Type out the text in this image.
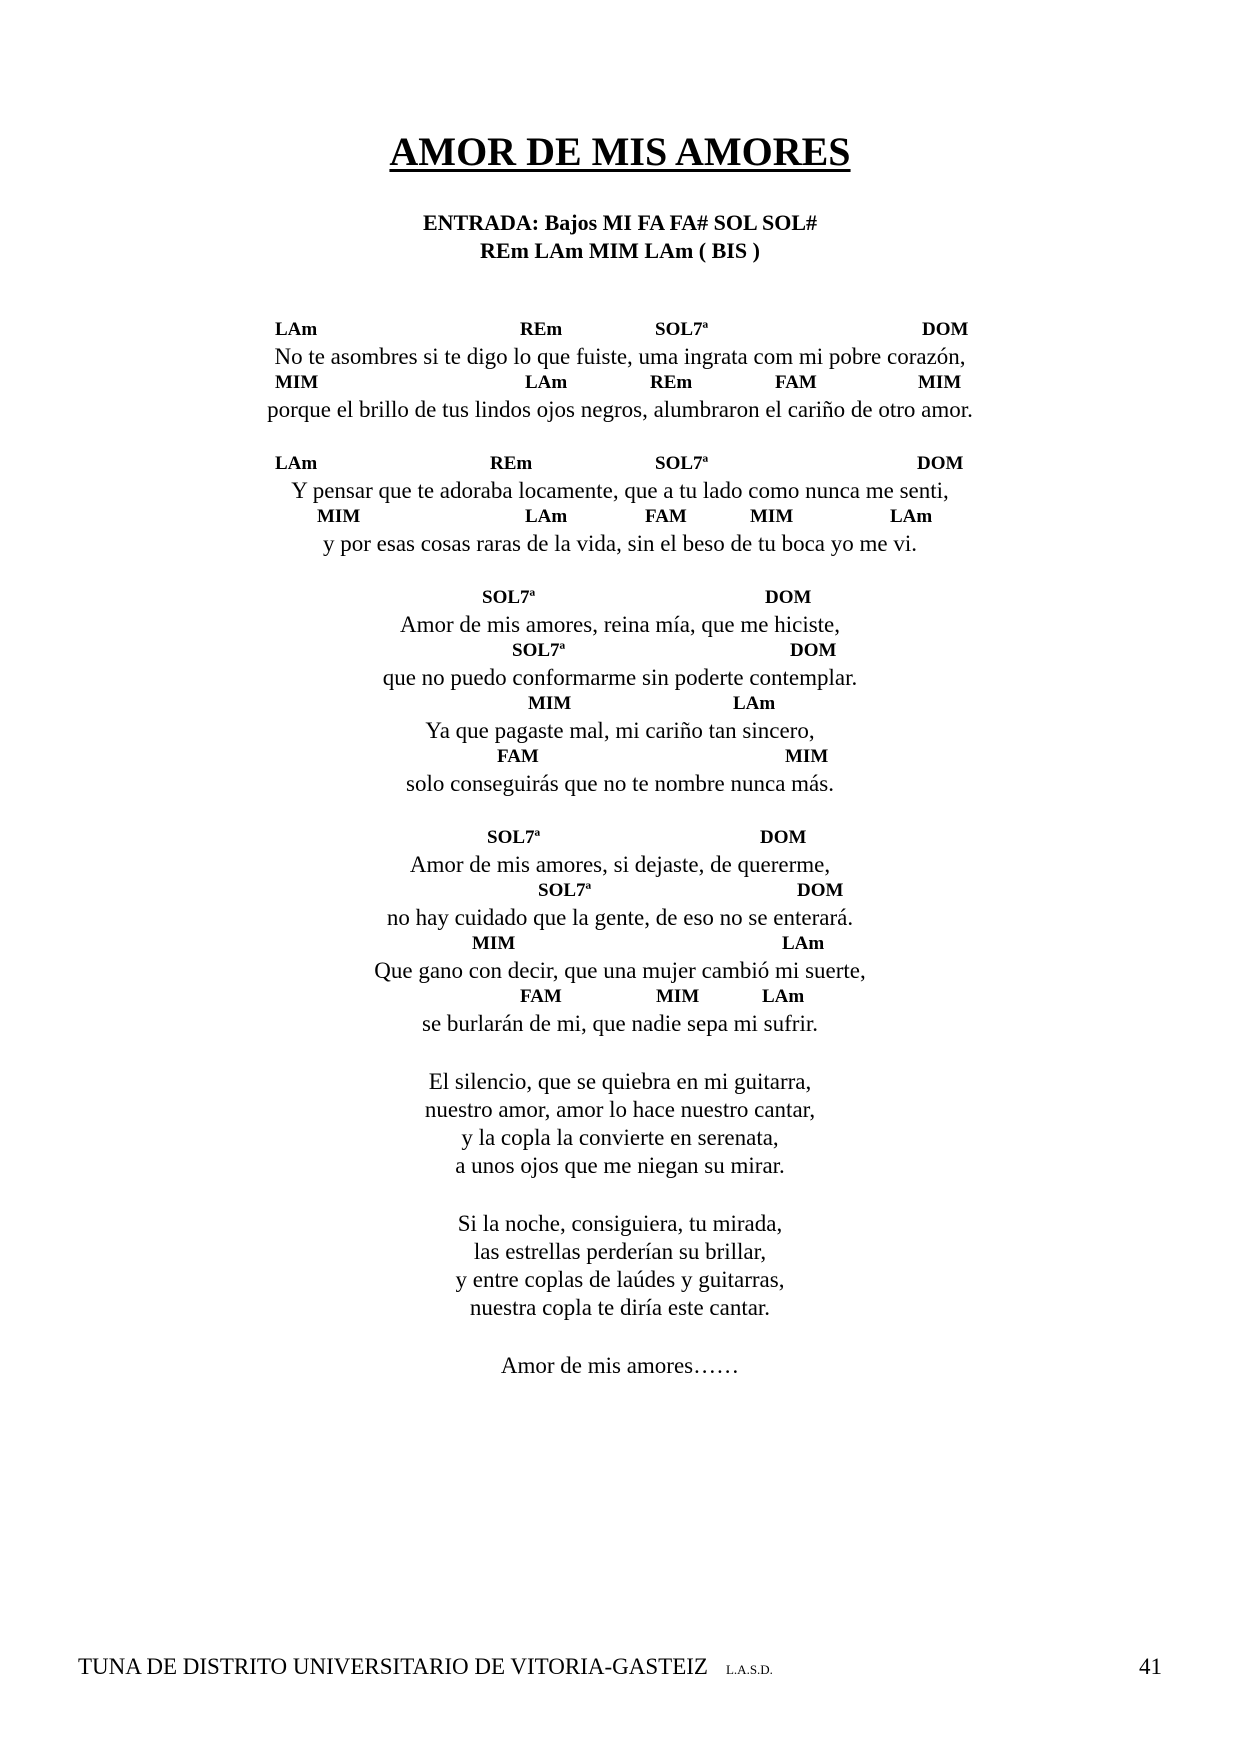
AMOR DE MIS AMORES
ENTRADA: Bajos MI FA FA# SOL SOL#
REm LAm MIM LAm ( BIS )
LAm	REm	SOL7ª	DOM
No te asombres si te digo lo que fuiste, uma ingrata com mi pobre corazón,
MIM	LAm	REm	FAM	MIM
porque el brillo de tus lindos ojos negros, alumbraron el cariño de otro amor.
LAm	REm	SOL7ª	DOM
Y pensar que te adoraba locamente, que a tu lado como nunca me senti,
MIM	LAm	FAM	MIM	LAm
y por esas cosas raras de la vida, sin el beso de tu boca yo me vi.
SOL7ª	DOM
Amor de mis amores, reina mía, que me hiciste,
SOL7ª	DOM
que no puedo conformarme sin poderte contemplar.
MIM	LAm
Ya que pagaste mal, mi cariño tan sincero,
FAM	MIM
solo conseguirás que no te nombre nunca más.
SOL7ª	DOM
Amor de mis amores, si dejaste, de quererme,
SOL7ª	DOM
no hay cuidado que la gente, de eso no se enterará.
MIM	LAm
Que gano con decir, que una mujer cambió mi suerte,
FAM	MIM	LAm
se burlarán de mi, que nadie sepa mi sufrir.
El silencio, que se quiebra en mi guitarra,
nuestro amor, amor lo hace nuestro cantar,
y la copla la convierte en serenata,
a unos ojos que me niegan su mirar.
Si la noche, consiguiera, tu mirada,
las estrellas perderían su brillar,
y entre coplas de laúdes y guitarras,
nuestra copla te diría este cantar.
Amor de mis amores……
TUNA DE DISTRITO UNIVERSITARIO DE VITORIA-GASTEIZ L.A.S.D.	41
